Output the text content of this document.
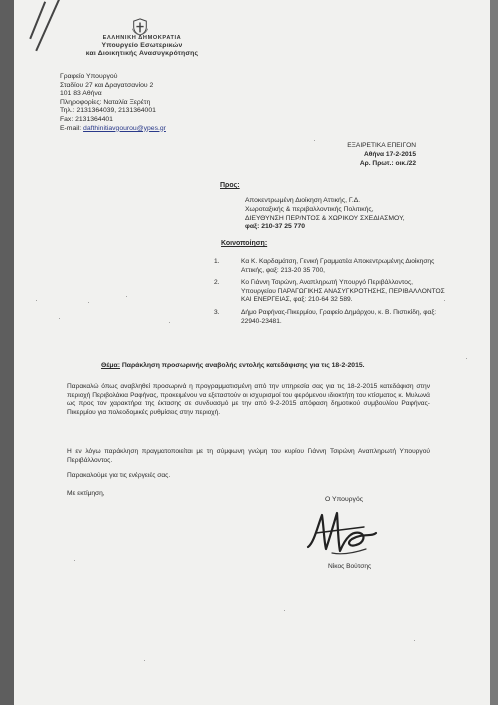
ΕΛΛΗΝΙΚΗ ΔΗΜΟΚΡΑΤΙΑ
Υπουργείο Εσωτερικών
και Διοικητικής Ανασυγκρότησης
Γραφείο Υπουργού
Σταδίου 27 και Δραγατσανίου 2
101 83 Αθήνα
Πληροφορίες: Ναταλία Ξερέτη
Τηλ.: 2131364039, 2131364001
Fax: 2131364401
E-mail: dafthinitiavgourou@ypes.gr
ΕΞΑΙΡΕΤΙΚΑ ΕΠΕΙΓΟΝ
Αθήνα 17-2-2015
Αρ. Πρωτ.: οικ./22
Προς:
Αποκεντρωμένη Διοίκηση Αττικής, Γ.Δ.
Χωροταξικής & περιβαλλοντικής Πολιτικής,
ΔΙΕΥΘΥΝΣΗ ΠΕΡ/ΝΤΟΣ & ΧΩΡΙΚΟΥ ΣΧΕΔΙΑΣΜΟΥ,
φαξ: 210-37 25 770
Κοινοποίηση:
1.	Κα Κ. Καρδαμάτση, Γενική Γραμματέα Αποκεντρωμένης Διοίκησης Αττικής, φαξ: 213-20 35 700,
2.	Κο Γιάννη Τσιρώνη, Αναπληρωτή Υπουργό Περιβάλλοντος, Υπουργείου ΠΑΡΑΓΩΓΙΚΗΣ ΑΝΑΣΥΓΚΡΟΤΗΣΗΣ, ΠΕΡΙΒΑΛΛΟΝΤΟΣ ΚΑΙ ΕΝΕΡΓΕΙΑΣ, φαξ: 210-64 32 589.
3.	Δήμο Ραφήνας-Πικερμίου, Γραφείο Δημάρχου, κ. Β. Πιστικίδη, φαξ: 22940-23481.
Θέμα: Παράκληση προσωρινής αναβολής εντολής κατεδάφισης για τις 18-2-2015.
Παρακαλώ όπως αναβληθεί προσωρινά η προγραμματισμένη από την υπηρεσία σας για τις 18-2-2015 κατεδάφιση στην περιοχή Περιβολάκια Ραφήνας, προκειμένου να εξεταστούν οι ισχυρισμοί του φερόμενου ιδιοκτήτη του κτίσματος κ. Μυλωνά ως προς τον χαρακτήρα της έκτασης σε συνδυασμό με την από 9-2-2015 απόφαση δημοτικού συμβουλίου Ραφήνας-Πικερμίου για πολεοδομικές ρυθμίσεις στην περιοχή.
Η εν λόγω παράκληση πραγματοποιείται με τη σύμφωνη γνώμη του κυρίου Γιάννη Τσιρώνη Αναπληρωτή Υπουργού Περιβάλλοντος.
Παρακαλούμε για τις ενέργειές σας.
Με εκτίμηση,
Ο Υπουργός
Νίκος Βούτσης
